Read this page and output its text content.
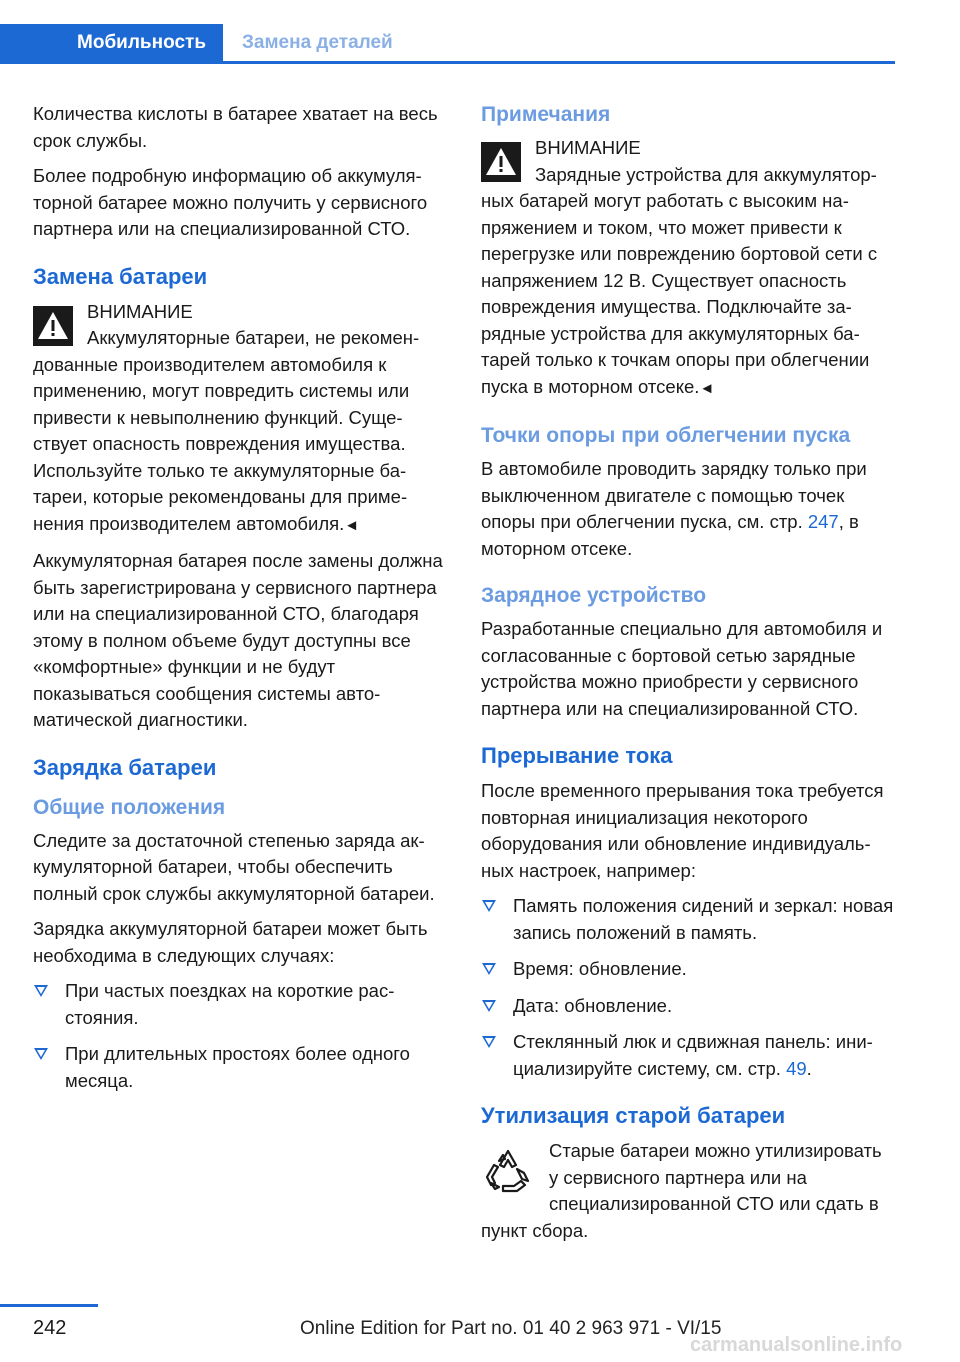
Мобильность	Замена деталей

Количества кислоты в батарее хватает на весь срок службы.

Более подробную информацию об аккумуляторной батарее можно получить у сервисного партнера или на специализированной СТО.

Замена батареи
ВНИМАНИЕ
Аккумуляторные батареи, не рекомендованные производителем автомобиля к применению, могут повредить системы или привести к невыполнению функций. Существует опасность повреждения имущества. Используйте только те аккумуляторные батареи, которые рекомендованы для применения производителем автомобиля.◄

Аккумуляторная батарея после замены должна быть зарегистрирована у сервисного партнера или на специализированной СТО, благодаря этому в полном объеме будут доступны все «комфортные» функции и не будут показываться сообщения системы автоматической диагностики.

Зарядка батареи
Общие положения

Следите за достаточной степенью заряда аккумуляторной батареи, чтобы обеспечить полный срок службы аккумуляторной батареи.

Зарядка аккумуляторной батареи может быть необходима в следующих случаях:

При частых поездках на короткие расстояния.
При длительных простоях более одного месяца.
Примечания
ВНИМАНИЕ
Зарядные устройства для аккумуляторных батарей могут работать с высоким напряжением и током, что может привести к перегрузке или повреждению бортовой сети с напряжением 12 В. Существует опасность повреждения имущества. Подключайте зарядные устройства для аккумуляторных батарей только к точкам опоры при облегчении пуска в моторном отсеке.◄
Точки опоры при облегчении пуска

В автомобиле проводить зарядку только при выключенном двигателе с помощью точек опоры при облегчении пуска, см. стр. 247, в моторном отсеке.

Зарядное устройство

Разработанные специально для автомобиля и согласованные с бортовой сетью зарядные устройства можно приобрести у сервисного партнера или на специализированной СТО.

Прерывание тока

После временного прерывания тока требуется повторная инициализация некоторого оборудования или обновление индивидуальных настроек, например:

Память положения сидений и зеркал: новая запись положений в память.
Время: обновление.
Дата: обновление.
Стеклянный люк и сдвижная панель: инициализируйте систему, см. стр. 49.
Утилизация старой батареи

Старые батареи можно утилизировать у сервисного партнера или на специализированной СТО или сдать в пункт сбора.

242	Online Edition for Part no. 01 40 2 963 971 - VI/15
carmanualsonline.info
